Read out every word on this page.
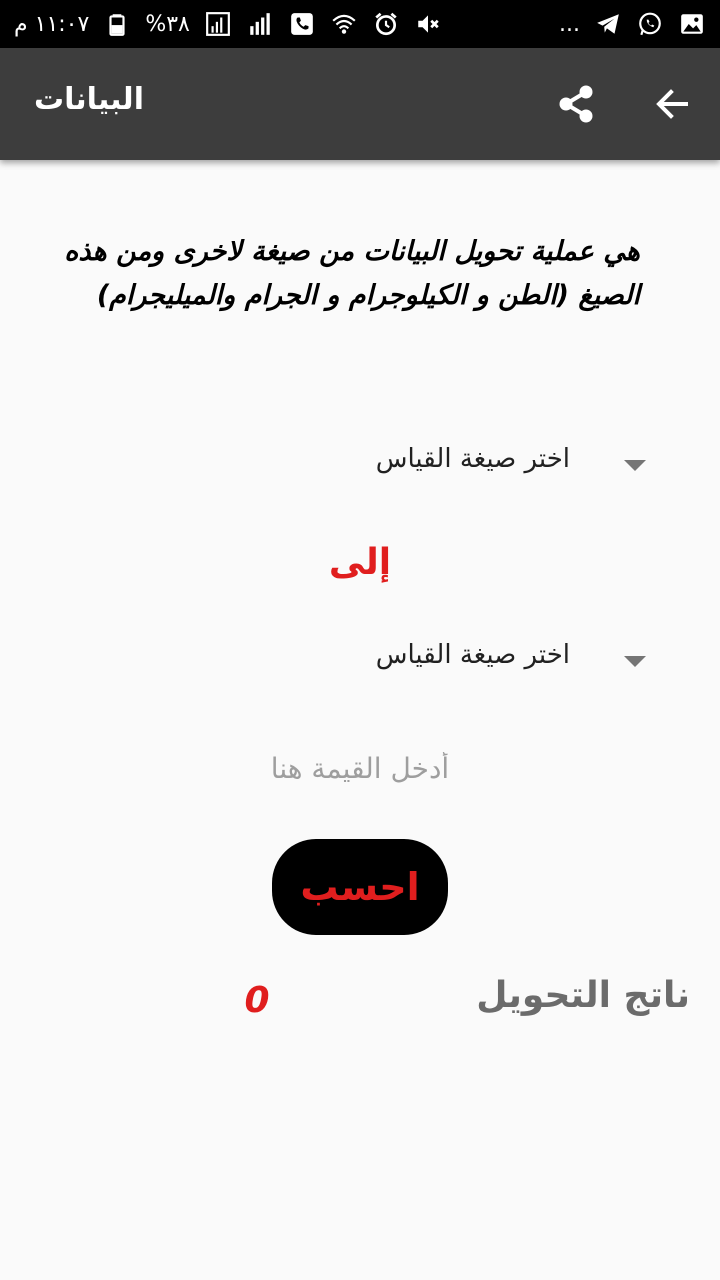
١١:٠٧ م	%٣٨	...
البيانات
هي عملية تحويل البيانات من صيغة لاخرى ومن هذه الصيغ (الطن و الكيلوجرام و الجرام والميليجرام)
اختر صيغة القياس
إلى
اختر صيغة القياس
أدخل القيمة هنا
احسب
ناتج التحويل
0
